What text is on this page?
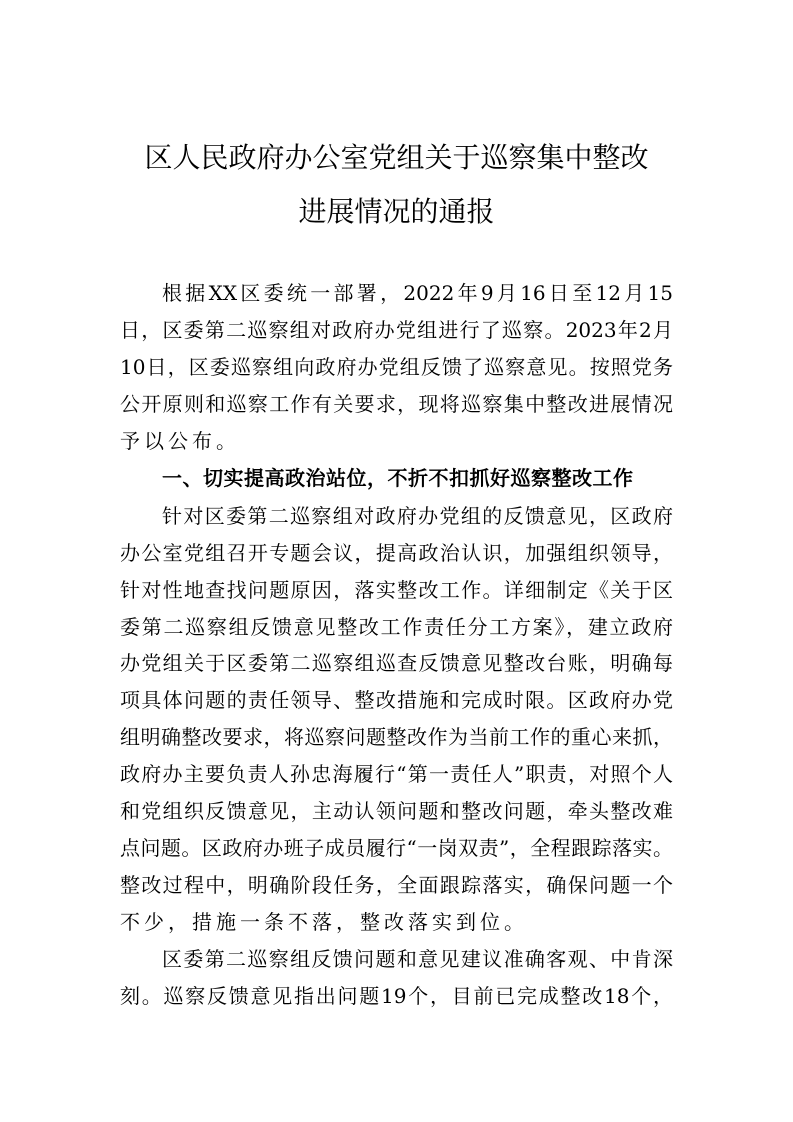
区人民政府办公室党组关于巡察集中整改
进展情况的通报
根据XX区委统一部署，2022年9月16日至12月15
日，区委第二巡察组对政府办党组进行了巡察。2023年2月
10日，区委巡察组向政府办党组反馈了巡察意见。按照党务
公开原则和巡察工作有关要求，现将巡察集中整改进展情况
予以公布。
一、切实提高政治站位，不折不扣抓好巡察整改工作
针对区委第二巡察组对政府办党组的反馈意见，区政府
办公室党组召开专题会议，提高政治认识，加强组织领导，
针对性地查找问题原因，落实整改工作。详细制定《关于区
委第二巡察组反馈意见整改工作责任分工方案》，建立政府
办党组关于区委第二巡察组巡查反馈意见整改台账，明确每
项具体问题的责任领导、整改措施和完成时限。区政府办党
组明确整改要求，将巡察问题整改作为当前工作的重心来抓，
政府办主要负责人孙忠海履行“第一责任人”职责，对照个人
和党组织反馈意见，主动认领问题和整改问题，牵头整改难
点问题。区政府办班子成员履行“一岗双责”，全程跟踪落实。
整改过程中，明确阶段任务，全面跟踪落实，确保问题一个
不少，措施一条不落，整改落实到位。
区委第二巡察组反馈问题和意见建议准确客观、中肯深
刻。巡察反馈意见指出问题19个，目前已完成整改18个，
